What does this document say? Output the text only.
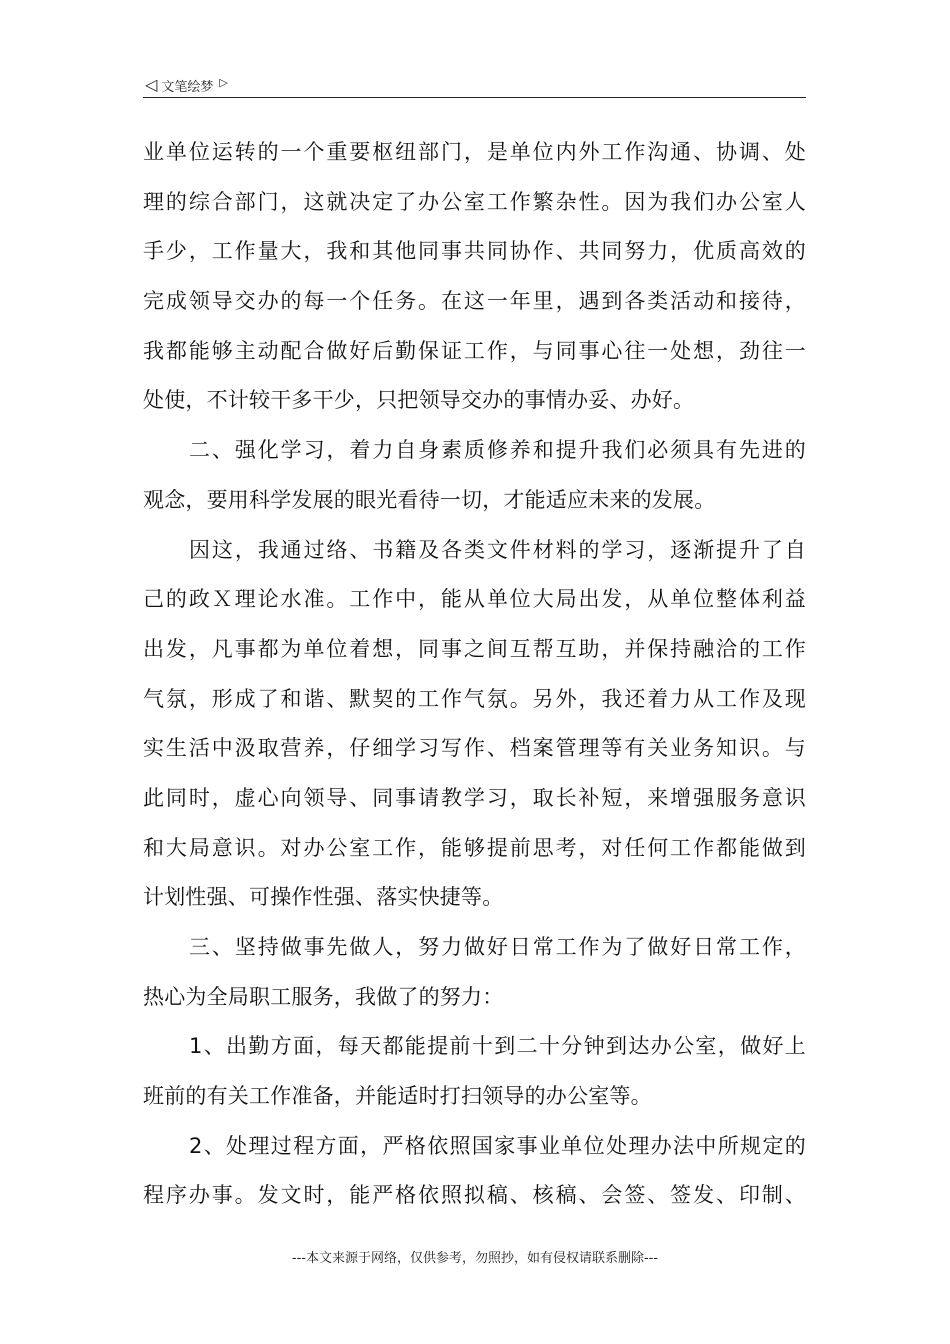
◁ 文笔绘梦 ▷
业单位运转的一个重要枢纽部门，是单位内外工作沟通、协调、处
理的综合部门，这就决定了办公室工作繁杂性。因为我们办公室人
手少，工作量大，我和其他同事共同协作、共同努力，优质高效的
完成领导交办的每一个任务。在这一年里，遇到各类活动和接待，
我都能够主动配合做好后勤保证工作，与同事心往一处想，劲往一
处使，不计较干多干少，只把领导交办的事情办妥、办好。
二、强化学习，着力自身素质修养和提升我们必须具有先进的
观念，要用科学发展的眼光看待一切，才能适应未来的发展。
因这，我通过络、书籍及各类文件材料的学习，逐渐提升了自
己的政Ｘ理论水准。工作中，能从单位大局出发，从单位整体利益
出发，凡事都为单位着想，同事之间互帮互助，并保持融洽的工作
气氛，形成了和谐、默契的工作气氛。另外，我还着力从工作及现
实生活中汲取营养，仔细学习写作、档案管理等有关业务知识。与
此同时，虚心向领导、同事请教学习，取长补短，来增强服务意识
和大局意识。对办公室工作，能够提前思考，对任何工作都能做到
计划性强、可操作性强、落实快捷等。
三、坚持做事先做人，努力做好日常工作为了做好日常工作，
热心为全局职工服务，我做了的努力：
1、出勤方面，每天都能提前十到二十分钟到达办公室，做好上
班前的有关工作准备，并能适时打扫领导的办公室等。
2、处理过程方面，严格依照国家事业单位处理办法中所规定的
程序办事。发文时，能严格依照拟稿、核稿、会签、签发、印制、
---本文来源于网络，仅供参考，勿照抄，如有侵权请联系删除---
